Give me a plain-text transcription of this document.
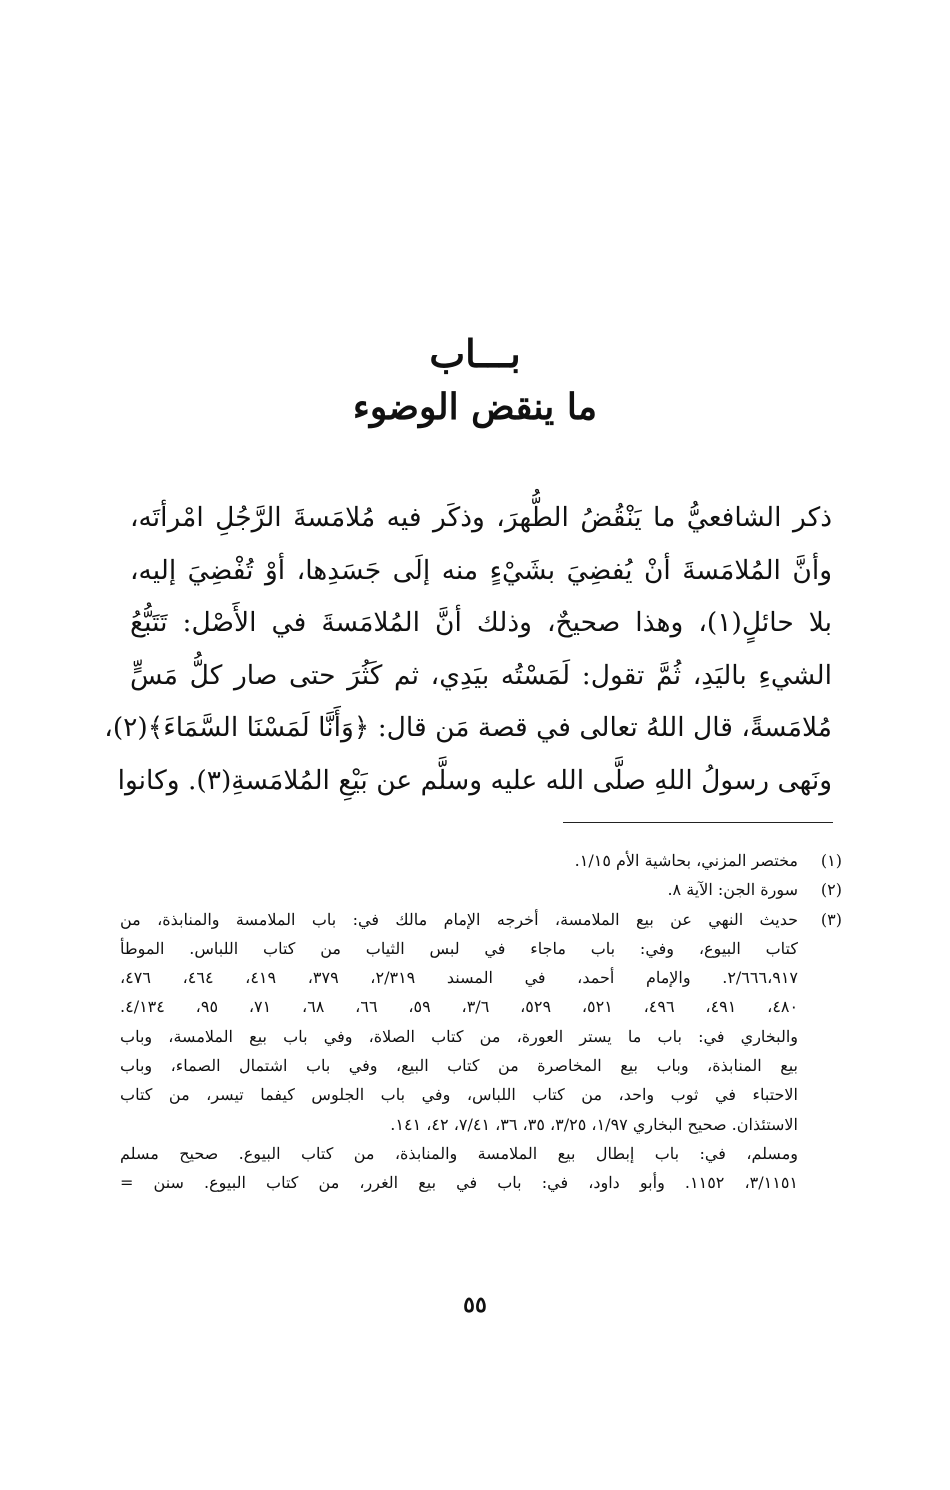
بـــاب
ما ينقض الوضوء
ذكر الشافعيُّ ما يَنْقُضُ الطُّهرَ، وذكَر فيه مُلامَسةَ الرَّجُلِ امْرأتَه،
وأنَّ المُلامَسةَ أنْ يُفضِيَ بشَيْءٍ منه إلَى جَسَدِها، أوْ تُفْضِيَ إليه،
بلا حائلٍ(١)، وهذا صحيحٌ، وذلك أنَّ المُلامَسةَ في الأَصْل: تَتَبُّعُ
الشيءِ باليَدِ، ثُمَّ تقول: لَمَسْتُه بيَدِي، ثم كَثُرَ حتى صار كلُّ مَسٍّ
مُلامَسةً، قال اللهُ تعالى في قصة مَن قال: ﴿وَأَنَّا لَمَسْنَا السَّمَاءَ﴾(٢)،
ونَهى رسولُ اللهِ صلَّى الله عليه وسلَّم عن بَيْعِ المُلامَسةِ(٣). وكانوا
(١)
مختصر المزني، بحاشية الأم ١/١٥.
(٢)
سورة الجن: الآية ٨.
(٣)
حديث النهي عن بيع الملامسة، أخرجه الإمام مالك في: باب الملامسة والمنابذة، من
كتاب البيوع، وفي: باب ماجاء في لبس الثياب من كتاب اللباس. الموطأ
٢/٦٦٦،٩١٧. والإمام أحمد، في المسند ٢/٣١٩، ٣٧٩، ٤١٩، ٤٦٤، ٤٧٦،
٤٨٠، ٤٩١، ٤٩٦، ٥٢١، ٥٢٩، ٣/٦، ٥٩، ٦٦، ٦٨، ٧١، ٩٥، ٤/١٣٤.
والبخاري في: باب ما يستر العورة، من كتاب الصلاة، وفي باب بيع الملامسة، وباب
بيع المنابذة، وباب بيع المخاصرة من كتاب البيع، وفي باب اشتمال الصماء، وباب
الاحتباء في ثوب واحد، من كتاب اللباس، وفي باب الجلوس كيفما تيسر، من كتاب
الاستئذان. صحيح البخاري ١/٩٧، ٣/٢٥، ٣٥، ٣٦، ٧/٤١، ٤٢، ١٤١.
ومسلم، في: باب إبطال بيع الملامسة والمنابذة، من كتاب البيوع. صحيح مسلم
٣/١١٥١، ١١٥٢. وأبو داود، في: باب في بيع الغرر، من كتاب البيوع. سنن =
٥٥
